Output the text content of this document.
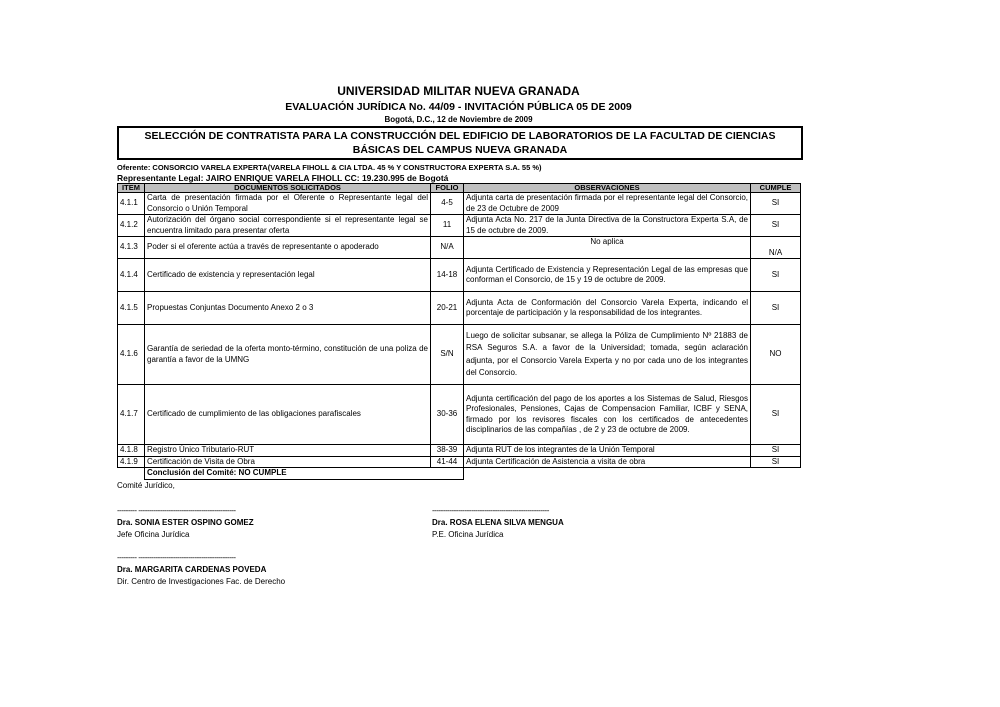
UNIVERSIDAD MILITAR NUEVA GRANADA
EVALUACIÓN JURÍDICA No. 44/09 - INVITACIÓN PÚBLICA 05 DE 2009
Bogotá, D.C., 12 de Noviembre de 2009
SELECCIÓN DE CONTRATISTA PARA LA CONSTRUCCIÓN DEL EDIFICIO DE LABORATORIOS DE LA FACULTAD DE CIENCIAS BÁSICAS DEL CAMPUS NUEVA GRANADA
Oferente: CONSORCIO VARELA EXPERTA(VARELA FIHOLL & CIA LTDA. 45 % Y CONSTRUCTORA EXPERTA S.A. 55 %)
Representante Legal: JAIRO ENRIQUE VARELA FIHOLL CC: 19.230.995 de Bogotá
ITEM	DOCUMENTOS SOLICITADOS	FOLIO	OBSERVACIONES	CUMPLE
4.1.1	Carta de presentación firmada por el Oferente o Representante legal del Consorcio o Unión Temporal	4-5	Adjunta carta de presentación firmada por el representante legal del Consorcio, de 23 de Octubre de 2009	SI
4.1.2	Autorización del órgano social correspondiente si el representante legal se encuentra limitado para presentar oferta	11	Adjunta Acta No. 217 de la Junta Directiva de la Constructora Experta S.A, de 15 de octubre de 2009.	SI
4.1.3	Poder si el oferente actúa a través de representante o apoderado	N/A	No aplica	N/A
4.1.4	Certificado de existencia y representación legal	14-18	Adjunta Certificado de Existencia y Representación Legal de las empresas que conforman el Consorcio, de 15 y 19 de octubre de 2009.	SI
4.1.5	Propuestas Conjuntas Documento Anexo 2 o 3	20-21	Adjunta Acta de Conformación del Consorcio Varela Experta, indicando el porcentaje de participación y la responsabilidad de los integrantes.	SI
4.1.6	Garantía de seriedad de la oferta monto-término, constitución de una poliza de garantía a favor de la UMNG	S/N	Luego de solicitar subsanar, se allega la Póliza de Cumplimiento Nº 21883 de RSA Seguros S.A. a favor de la Universidad; tomada, según aclaración adjunta, por el Consorcio Varela Experta y no por cada uno de los integrantes del Consorcio.	NO
4.1.7	Certificado de cumplimiento de las obligaciones parafiscales	30-36	Adjunta certificación del pago de los aportes a los Sistemas de Salud, Riesgos Profesionales, Pensiones, Cajas de Compensacion Familiar, ICBF y SENA, firmado por los revisores fiscales con los certificados de antecedentes disciplinarios de las compañías , de 2 y 23 de octubre de 2009.	SI
4.1.8	Registro Único Tributario-RUT	38-39	Adjunta RUT de los integrantes de la Unión Temporal	SI
4.1.9	Certificación de Visita de Obra	41-44	Adjunta Certificación de Asistencia a visita de obra	SI
	Conclusión del Comité: NO CUMPLE			
Comité Jurídico,
--------- ---------------------------------------------
Dra. SONIA ESTER OSPINO GOMEZ
Jefe Oficina Jurídica
------------------------------------------------------
Dra. ROSA ELENA SILVA MENGUA
P.E. Oficina Jurídica
--------- ---------------------------------------------
Dra. MARGARITA CARDENAS POVEDA
Dir. Centro de Investigaciones Fac. de Derecho
